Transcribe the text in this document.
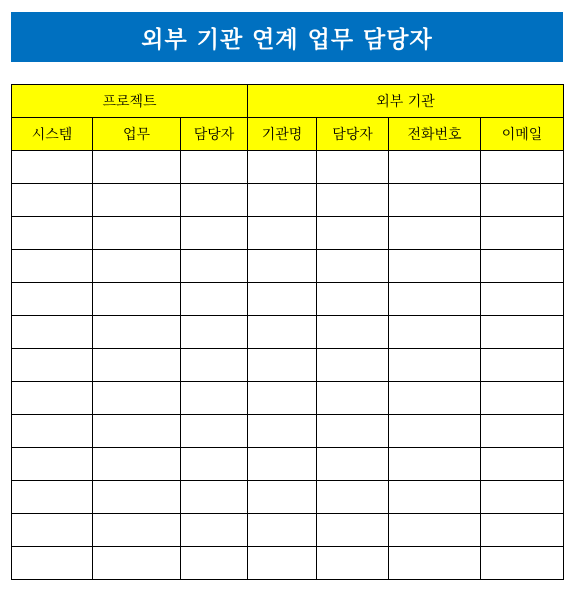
외부 기관 연계 업무 담당자
프로젝트			외부 기관			
시스템	업무	담당자	기관명	담당자	전화번호	이메일
